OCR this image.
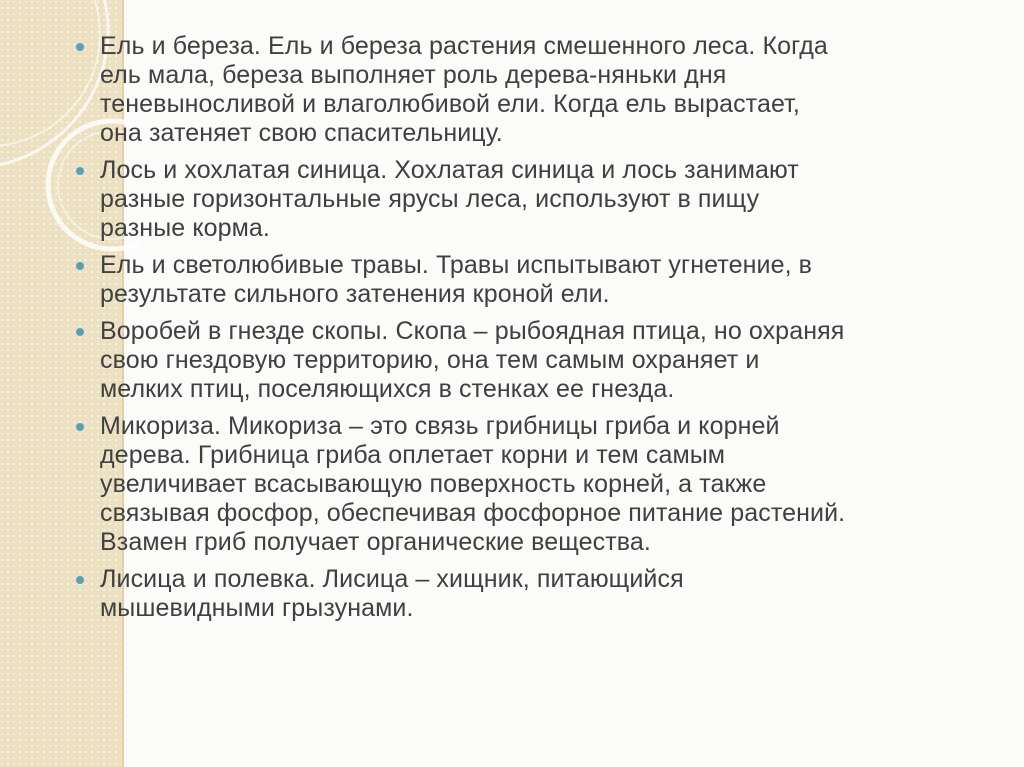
Ель и береза. Ель и береза растения смешенного леса. Когда
ель мала, береза выполняет роль дерева-няньки дня
теневыносливой и влаголюбивой ели. Когда ель вырастает,
она затеняет свою спасительницу.
Лось и хохлатая синица. Хохлатая синица и лось занимают
разные горизонтальные ярусы леса, используют в пищу
разные корма.
Ель и светолюбивые травы. Травы испытывают угнетение, в
результате сильного затенения кроной ели.
Воробей в гнезде скопы. Скопа – рыбоядная птица, но охраняя
свою гнездовую территорию, она тем самым охраняет и
мелких птиц, поселяющихся в стенках ее гнезда.
Микориза. Микориза – это связь грибницы гриба и корней
дерева. Грибница гриба оплетает корни и тем самым
увеличивает всасывающую поверхность корней, а также
связывая фосфор, обеспечивая фосфорное питание растений.
Взамен гриб получает органические вещества.
Лисица и полевка. Лисица – хищник, питающийся
мышевидными грызунами.
